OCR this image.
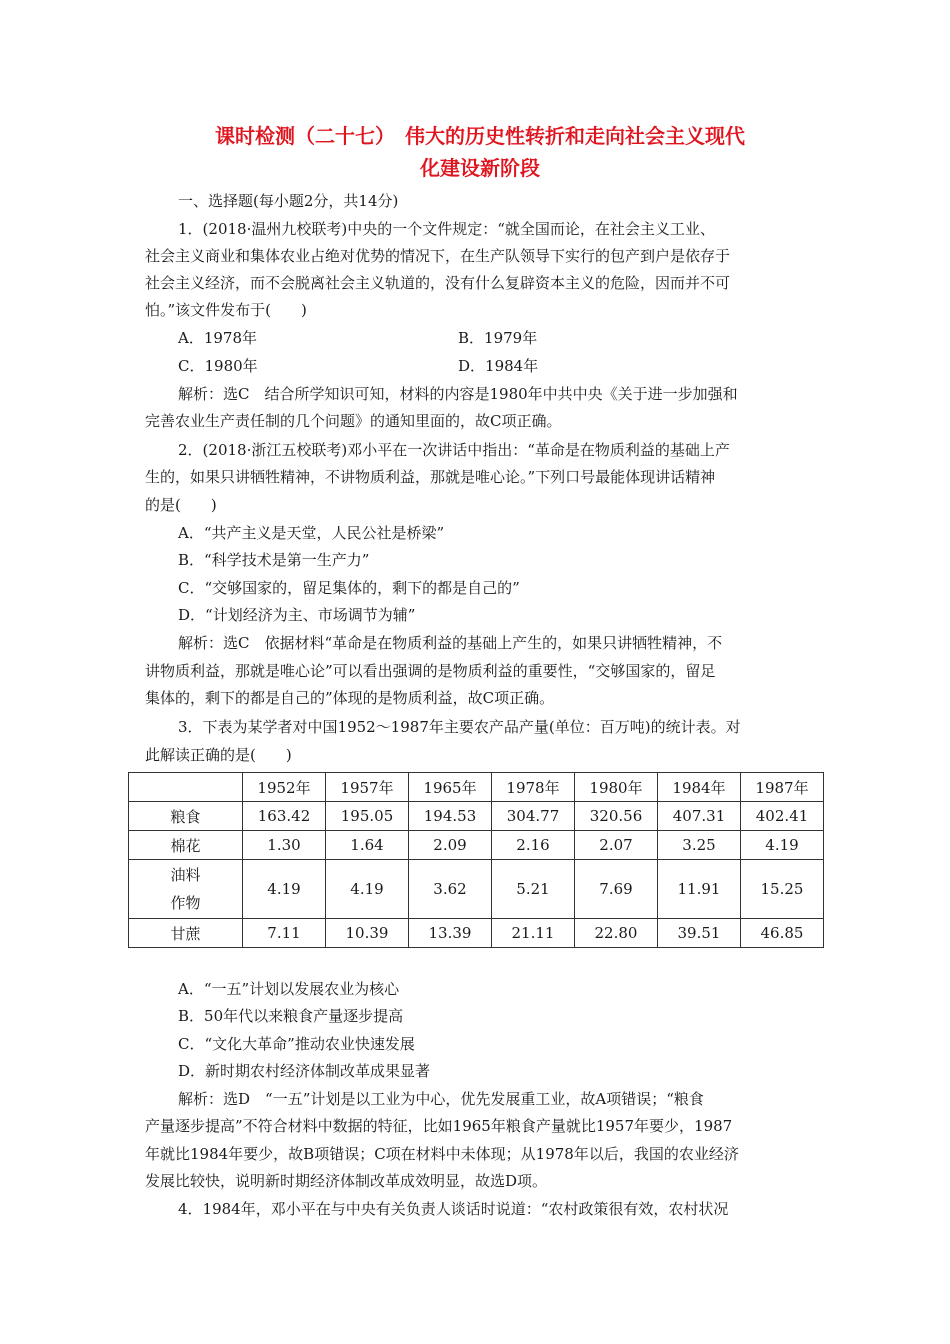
课时检测（二十七）　伟大的历史性转折和走向社会主义现代
化建设新阶段
一、选择题(每小题2分，共14分)
1．(2018·温州九校联考)中央的一个文件规定：“就全国而论，在社会主义工业、
社会主义商业和集体农业占绝对优势的情况下，在生产队领导下实行的包产到户是依存于
社会主义经济，而不会脱离社会主义轨道的，没有什么复辟资本主义的危险，因而并不可
怕。”该文件发布于(　　)
A．1978年	B．1979年
C．1980年	D．1984年
解析：选C　结合所学知识可知，材料的内容是1980年中共中央《关于进一步加强和
完善农业生产责任制的几个问题》的通知里面的，故C项正确。
2．(2018·浙江五校联考)邓小平在一次讲话中指出：“革命是在物质利益的基础上产
生的，如果只讲牺牲精神，不讲物质利益，那就是唯心论。”下列口号最能体现讲话精神
的是(　　)
A．“共产主义是天堂，人民公社是桥梁”
B．“科学技术是第一生产力”
C．“交够国家的，留足集体的，剩下的都是自己的”
D．“计划经济为主、市场调节为辅”
解析：选C　依据材料“革命是在物质利益的基础上产生的，如果只讲牺牲精神，不
讲物质利益，那就是唯心论”可以看出强调的是物质利益的重要性，“交够国家的，留足
集体的，剩下的都是自己的”体现的是物质利益，故C项正确。
3．下表为某学者对中国1952～1987年主要农产品产量(单位：百万吨)的统计表。对
此解读正确的是(　　)
	1952年	1957年	1965年	1978年	1980年	1984年	1987年
粮食	163.42	195.05	194.53	304.77	320.56	407.31	402.41
棉花	1.30	1.64	2.09	2.16	2.07	3.25	4.19

油料
作物	4.19	4.19	3.62	5.21	7.69	11.91	15.25
甘蔗	7.11	10.39	13.39	21.11	22.80	39.51	46.85
A．“一五”计划以发展农业为核心
B．50年代以来粮食产量逐步提高
C．“文化大革命”推动农业快速发展
D．新时期农村经济体制改革成果显著
解析：选D　“一五”计划是以工业为中心，优先发展重工业，故A项错误；“粮食
产量逐步提高”不符合材料中数据的特征，比如1965年粮食产量就比1957年要少，1987
年就比1984年要少，故B项错误；C项在材料中未体现；从1978年以后，我国的农业经济
发展比较快，说明新时期经济体制改革成效明显，故选D项。
4．1984年，邓小平在与中央有关负责人谈话时说道：“农村政策很有效，农村状况
